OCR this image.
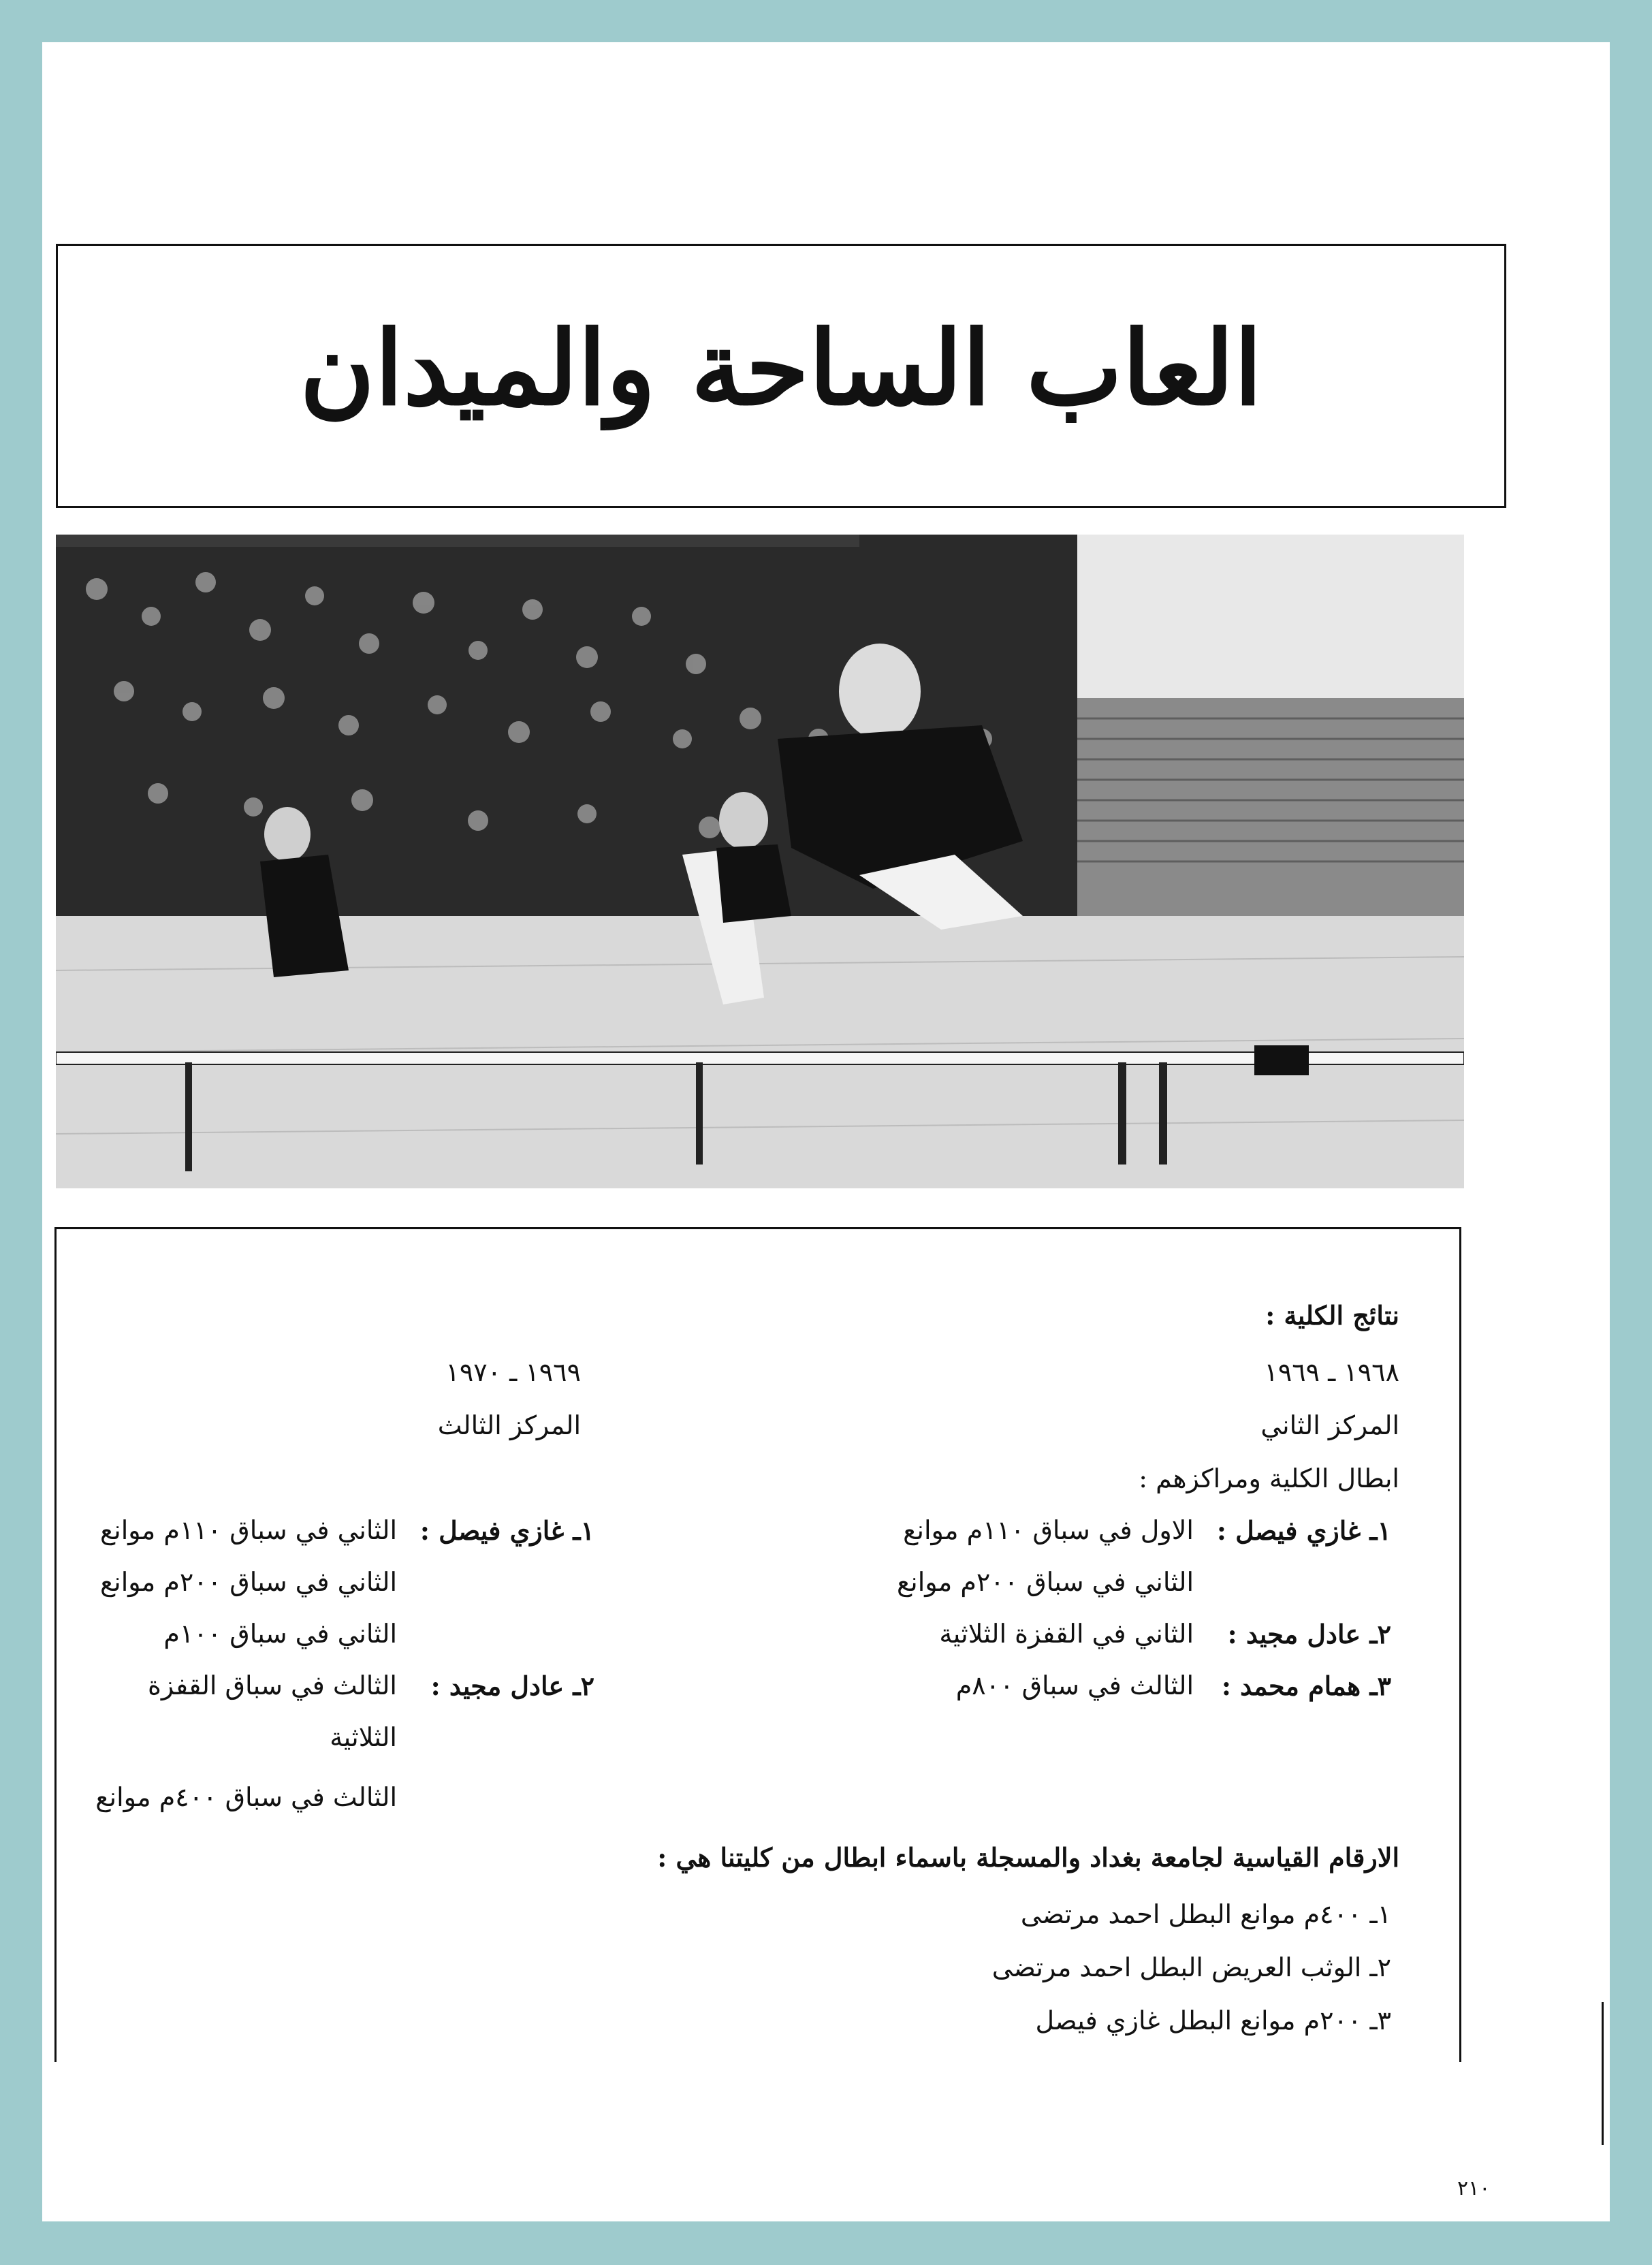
العاب الساحة والميدان
نتائج الكلية :
١٩٦٨ ـ ١٩٦٩
المركز الثاني
ابطال الكلية ومراكزهم :
١ـ غازي فيصل :
الاول في سباق ١١٠م موانع
الثاني في سباق ٢٠٠م موانع
٢ـ عادل مجيد :
الثاني في القفزة الثلاثية
٣ـ همام محمد :
الثالث في سباق ٨٠٠م
١٩٦٩ ـ ١٩٧٠
المركز الثالث
١ـ غازي فيصل :
الثاني في سباق ١١٠م موانع
الثاني في سباق ٢٠٠م موانع
الثاني في سباق ١٠٠م
٢ـ عادل مجيد :
الثالث في سباق القفزة
الثلاثية
الثالث في سباق ٤٠٠م موانع
الارقام القياسية لجامعة بغداد والمسجلة باسماء ابطال من كليتنا هي :
١ـ ٤٠٠م موانع البطل احمد مرتضى
٢ـ الوثب العريض البطل احمد مرتضى
٣ـ ٢٠٠م موانع البطل غازي فيصل
٢١٠
